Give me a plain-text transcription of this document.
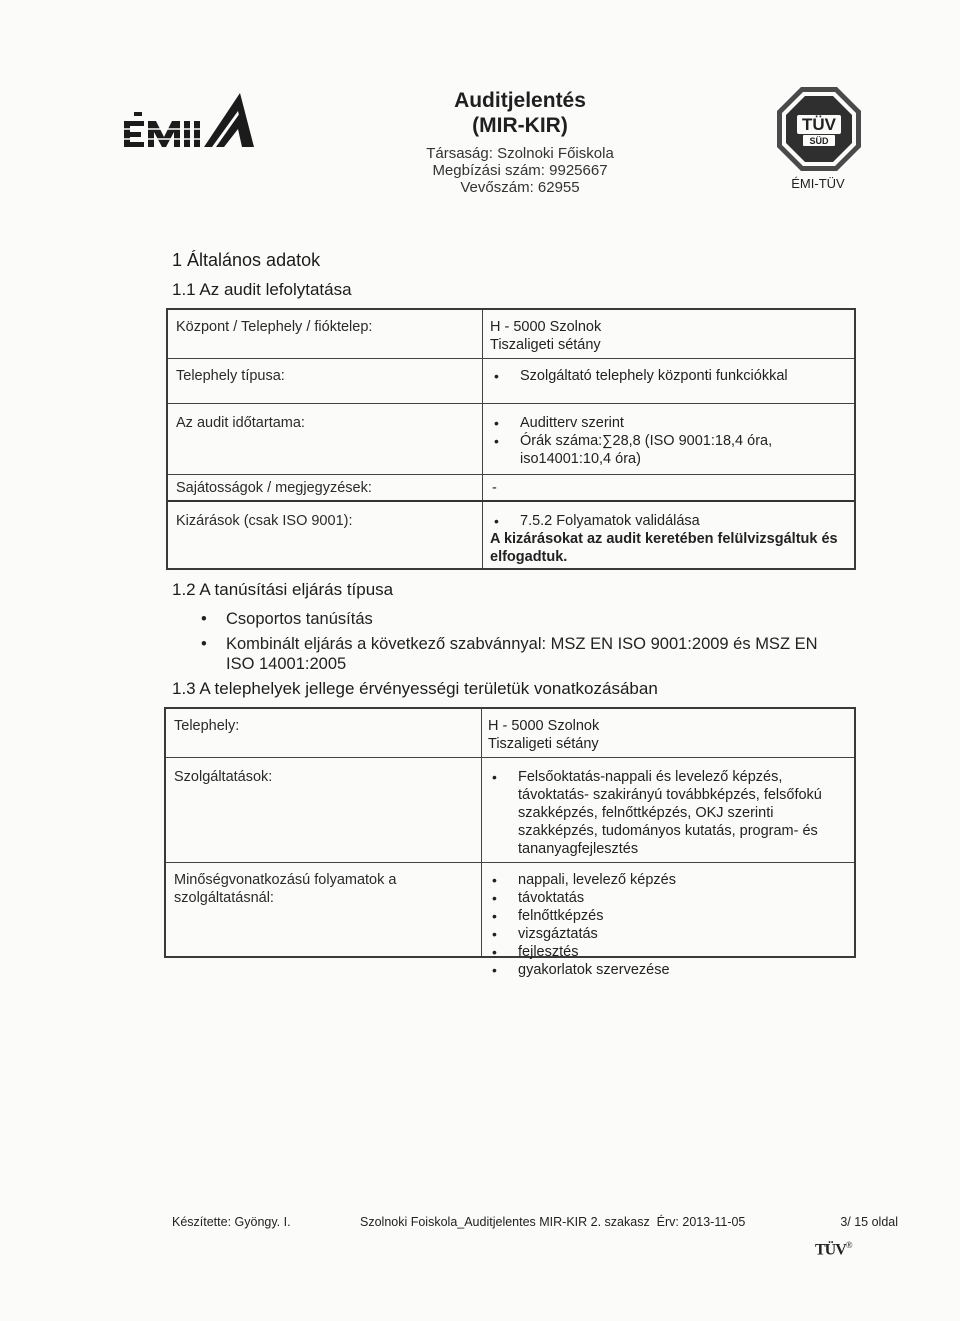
Auditjelentés
(MIR-KIR)
Társaság: Szolnoki Főiskola
Megbízási szám: 9925667
Vevőszám: 62955
TÜV
SÜD
ÉMI-TÜV
1 Általános adatok
1.1 Az audit lefolytatása
Központ / Telephely / fióktelep:	H - 5000 Szolnok
Tiszaligeti sétány
Telephely típusa:	• Szolgáltató telephely központi funkciókkal
Az audit időtartama:	• Auditterv szerint
• Órák száma:∑28,8 (ISO 9001:18,4 óra, iso14001:10,4 óra)
Sajátosságok / megjegyzések:	-
Kizárások (csak ISO 9001):	• 7.5.2 Folyamatok validálása
A kizárásokat az audit keretében felülvizsgáltuk és elfogadtuk.
1.2 A tanúsítási eljárás típusa
• Csoportos tanúsítás
• Kombinált eljárás a következő szabvánnyal: MSZ EN ISO 9001:2009 és MSZ EN ISO 14001:2005
1.3 A telephelyek jellege érvényességi területük vonatkozásában
Telephely:	H - 5000 Szolnok
Tiszaligeti sétány
Szolgáltatások:	• Felsőoktatás-nappali és levelező képzés, távoktatás- szakirányú továbbképzés, felsőfokú szakképzés, felnőttképzés, OKJ szerinti szakképzés, tudományos kutatás, program- és tananyagfejlesztés
Minőségvonatkozású folyamatok a szolgáltatásnál:
• nappali, levelező képzés
• távoktatás
• felnőttképzés
• vizsgáztatás
• fejlesztés
• gyakorlatok szervezése
Készítette: Gyöngy. I.	Szolnoki Foiskola_Auditjelentes MIR-KIR 2. szakasz Érv: 2013-11-05	3/ 15 oldal
TÜV®
